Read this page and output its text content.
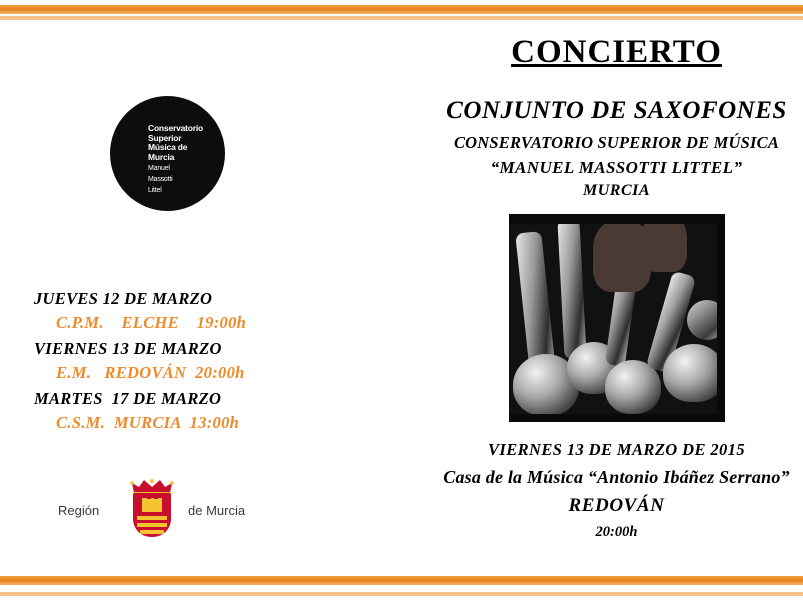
Conservatorio
Superior
Música de
Murcia
Manuel
Massotti
Littel
JUEVES 12 DE MARZO
C.P.M.    ELCHE    19:00h
VIERNES 13 DE MARZO
E.M.   REDOVÁN  20:00h
MARTES  17 DE MARZO
C.S.M.  MURCIA  13:00h
Región	de Murcia
CONCIERTO
CONJUNTO DE SAXOFONES
CONSERVATORIO SUPERIOR DE MÚSICA
“MANUEL MASSOTTI LITTEL”
MURCIA
VIERNES 13 DE MARZO DE 2015
Casa de la Música “Antonio Ibáñez Serrano”
REDOVÁN
20:00h
